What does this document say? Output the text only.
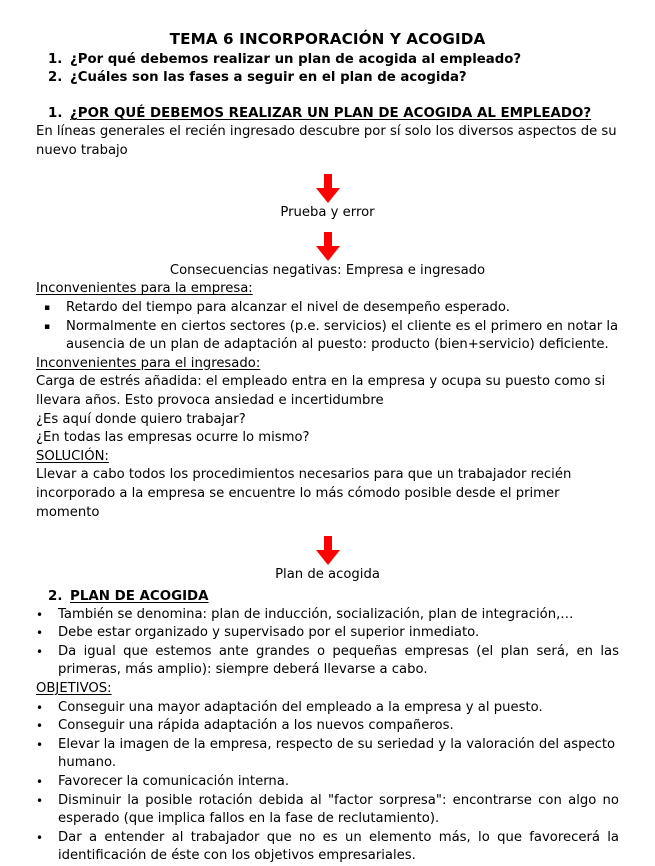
TEMA 6 INCORPORACIÓN Y ACOGIDA
1. ¿Por qué debemos realizar un plan de acogida al empleado?
2. ¿Cuáles son las fases a seguir en el plan de acogida?
1. ¿POR QUÉ DEBEMOS REALIZAR UN PLAN DE ACOGIDA AL EMPLEADO?

En líneas generales el recién ingresado descubre por sí solo los diversos aspectos de su nuevo trabajo

Prueba y error

Consecuencias negativas: Empresa e ingresado

Inconvenientes para la empresa:
▪	Retardo del tiempo para alcanzar el nivel de desempeño esperado.
▪	Normalmente en ciertos sectores (p.e. servicios) el cliente es el primero en notar la ausencia de un plan de adaptación al puesto: producto (bien+servicio) deficiente.
Inconvenientes para el ingresado:

Carga de estrés añadida: el empleado entra en la empresa y ocupa su puesto como si llevara años. Esto provoca ansiedad e incertidumbre

¿Es aquí donde quiero trabajar?

¿En todas las empresas ocurre lo mismo?

SOLUCIÓN:

Llevar a cabo todos los procedimientos necesarios para que un trabajador recién incorporado a la empresa se encuentre lo más cómodo posible desde el primer momento

Plan de acogida

2. PLAN DE ACOGIDA
•	También se denomina: plan de inducción, socialización, plan de integración,…
•	Debe estar organizado y supervisado por el superior inmediato.
•	Da igual que estemos ante grandes o pequeñas empresas (el plan será, en las primeras, más amplio): siempre deberá llevarse a cabo.
OBJETIVOS:
•	Conseguir una mayor adaptación del empleado a la empresa y al puesto.
•	Conseguir una rápida adaptación a los nuevos compañeros.
•	Elevar la imagen de la empresa, respecto de su seriedad y la valoración del aspecto humano.
•	Favorecer la comunicación interna.
•	Disminuir la posible rotación debida al "factor sorpresa": encontrarse con algo no esperado (que implica fallos en la fase de reclutamiento).
•	Dar a entender al trabajador que no es un elemento más, lo que favorecerá la identificación de éste con los objetivos empresariales.
